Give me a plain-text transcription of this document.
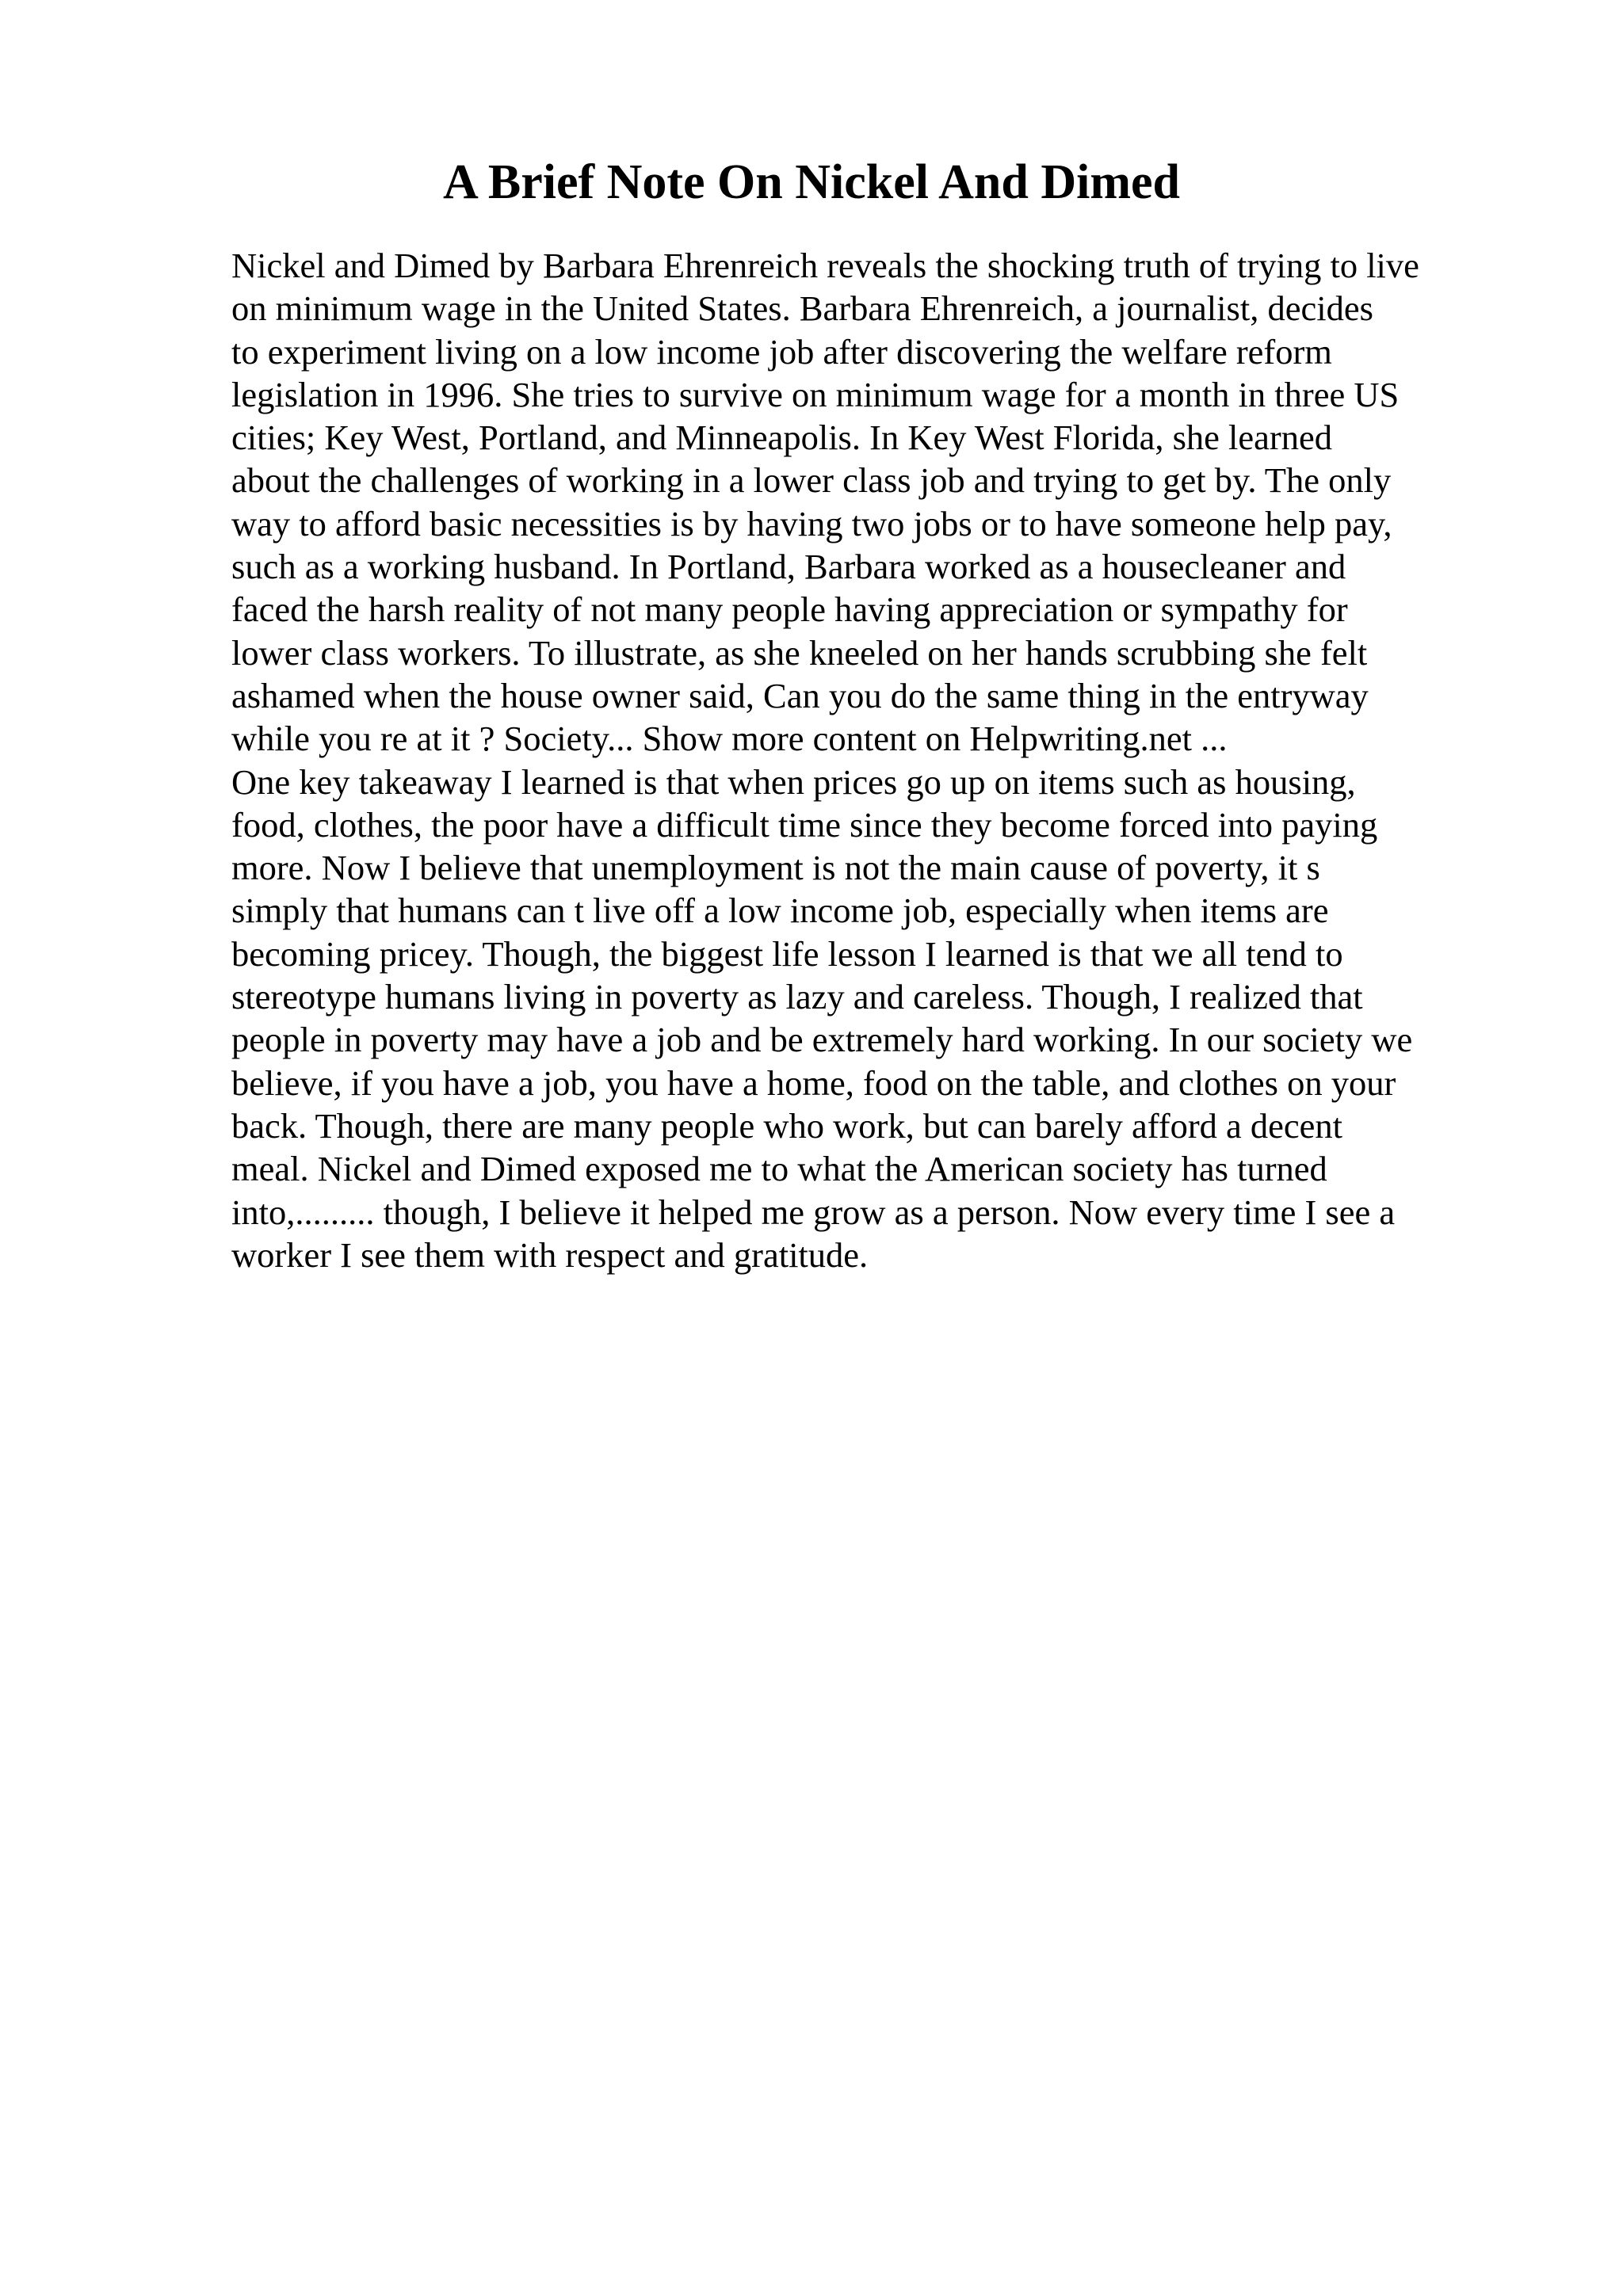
A Brief Note On Nickel And Dimed
Nickel and Dimed by Barbara Ehrenreich reveals the shocking truth of trying to live
on minimum wage in the United States. Barbara Ehrenreich, a journalist, decides
to experiment living on a low income job after discovering the welfare reform
legislation in 1996. She tries to survive on minimum wage for a month in three US
cities; Key West, Portland, and Minneapolis. In Key West Florida, she learned
about the challenges of working in a lower class job and trying to get by. The only
way to afford basic necessities is by having two jobs or to have someone help pay,
such as a working husband. In Portland, Barbara worked as a housecleaner and
faced the harsh reality of not many people having appreciation or sympathy for
lower class workers. To illustrate, as she kneeled on her hands scrubbing she felt
ashamed when the house owner said, Can you do the same thing in the entryway
while you re at it ? Society... Show more content on Helpwriting.net ...
One key takeaway I learned is that when prices go up on items such as housing,
food, clothes, the poor have a difficult time since they become forced into paying
more. Now I believe that unemployment is not the main cause of poverty, it s
simply that humans can t live off a low income job, especially when items are
becoming pricey. Though, the biggest life lesson I learned is that we all tend to
stereotype humans living in poverty as lazy and careless. Though, I realized that
people in poverty may have a job and be extremely hard working. In our society we
believe, if you have a job, you have a home, food on the table, and clothes on your
back. Though, there are many people who work, but can barely afford a decent
meal. Nickel and Dimed exposed me to what the American society has turned
into,......... though, I believe it helped me grow as a person. Now every time I see a
worker I see them with respect and gratitude.
